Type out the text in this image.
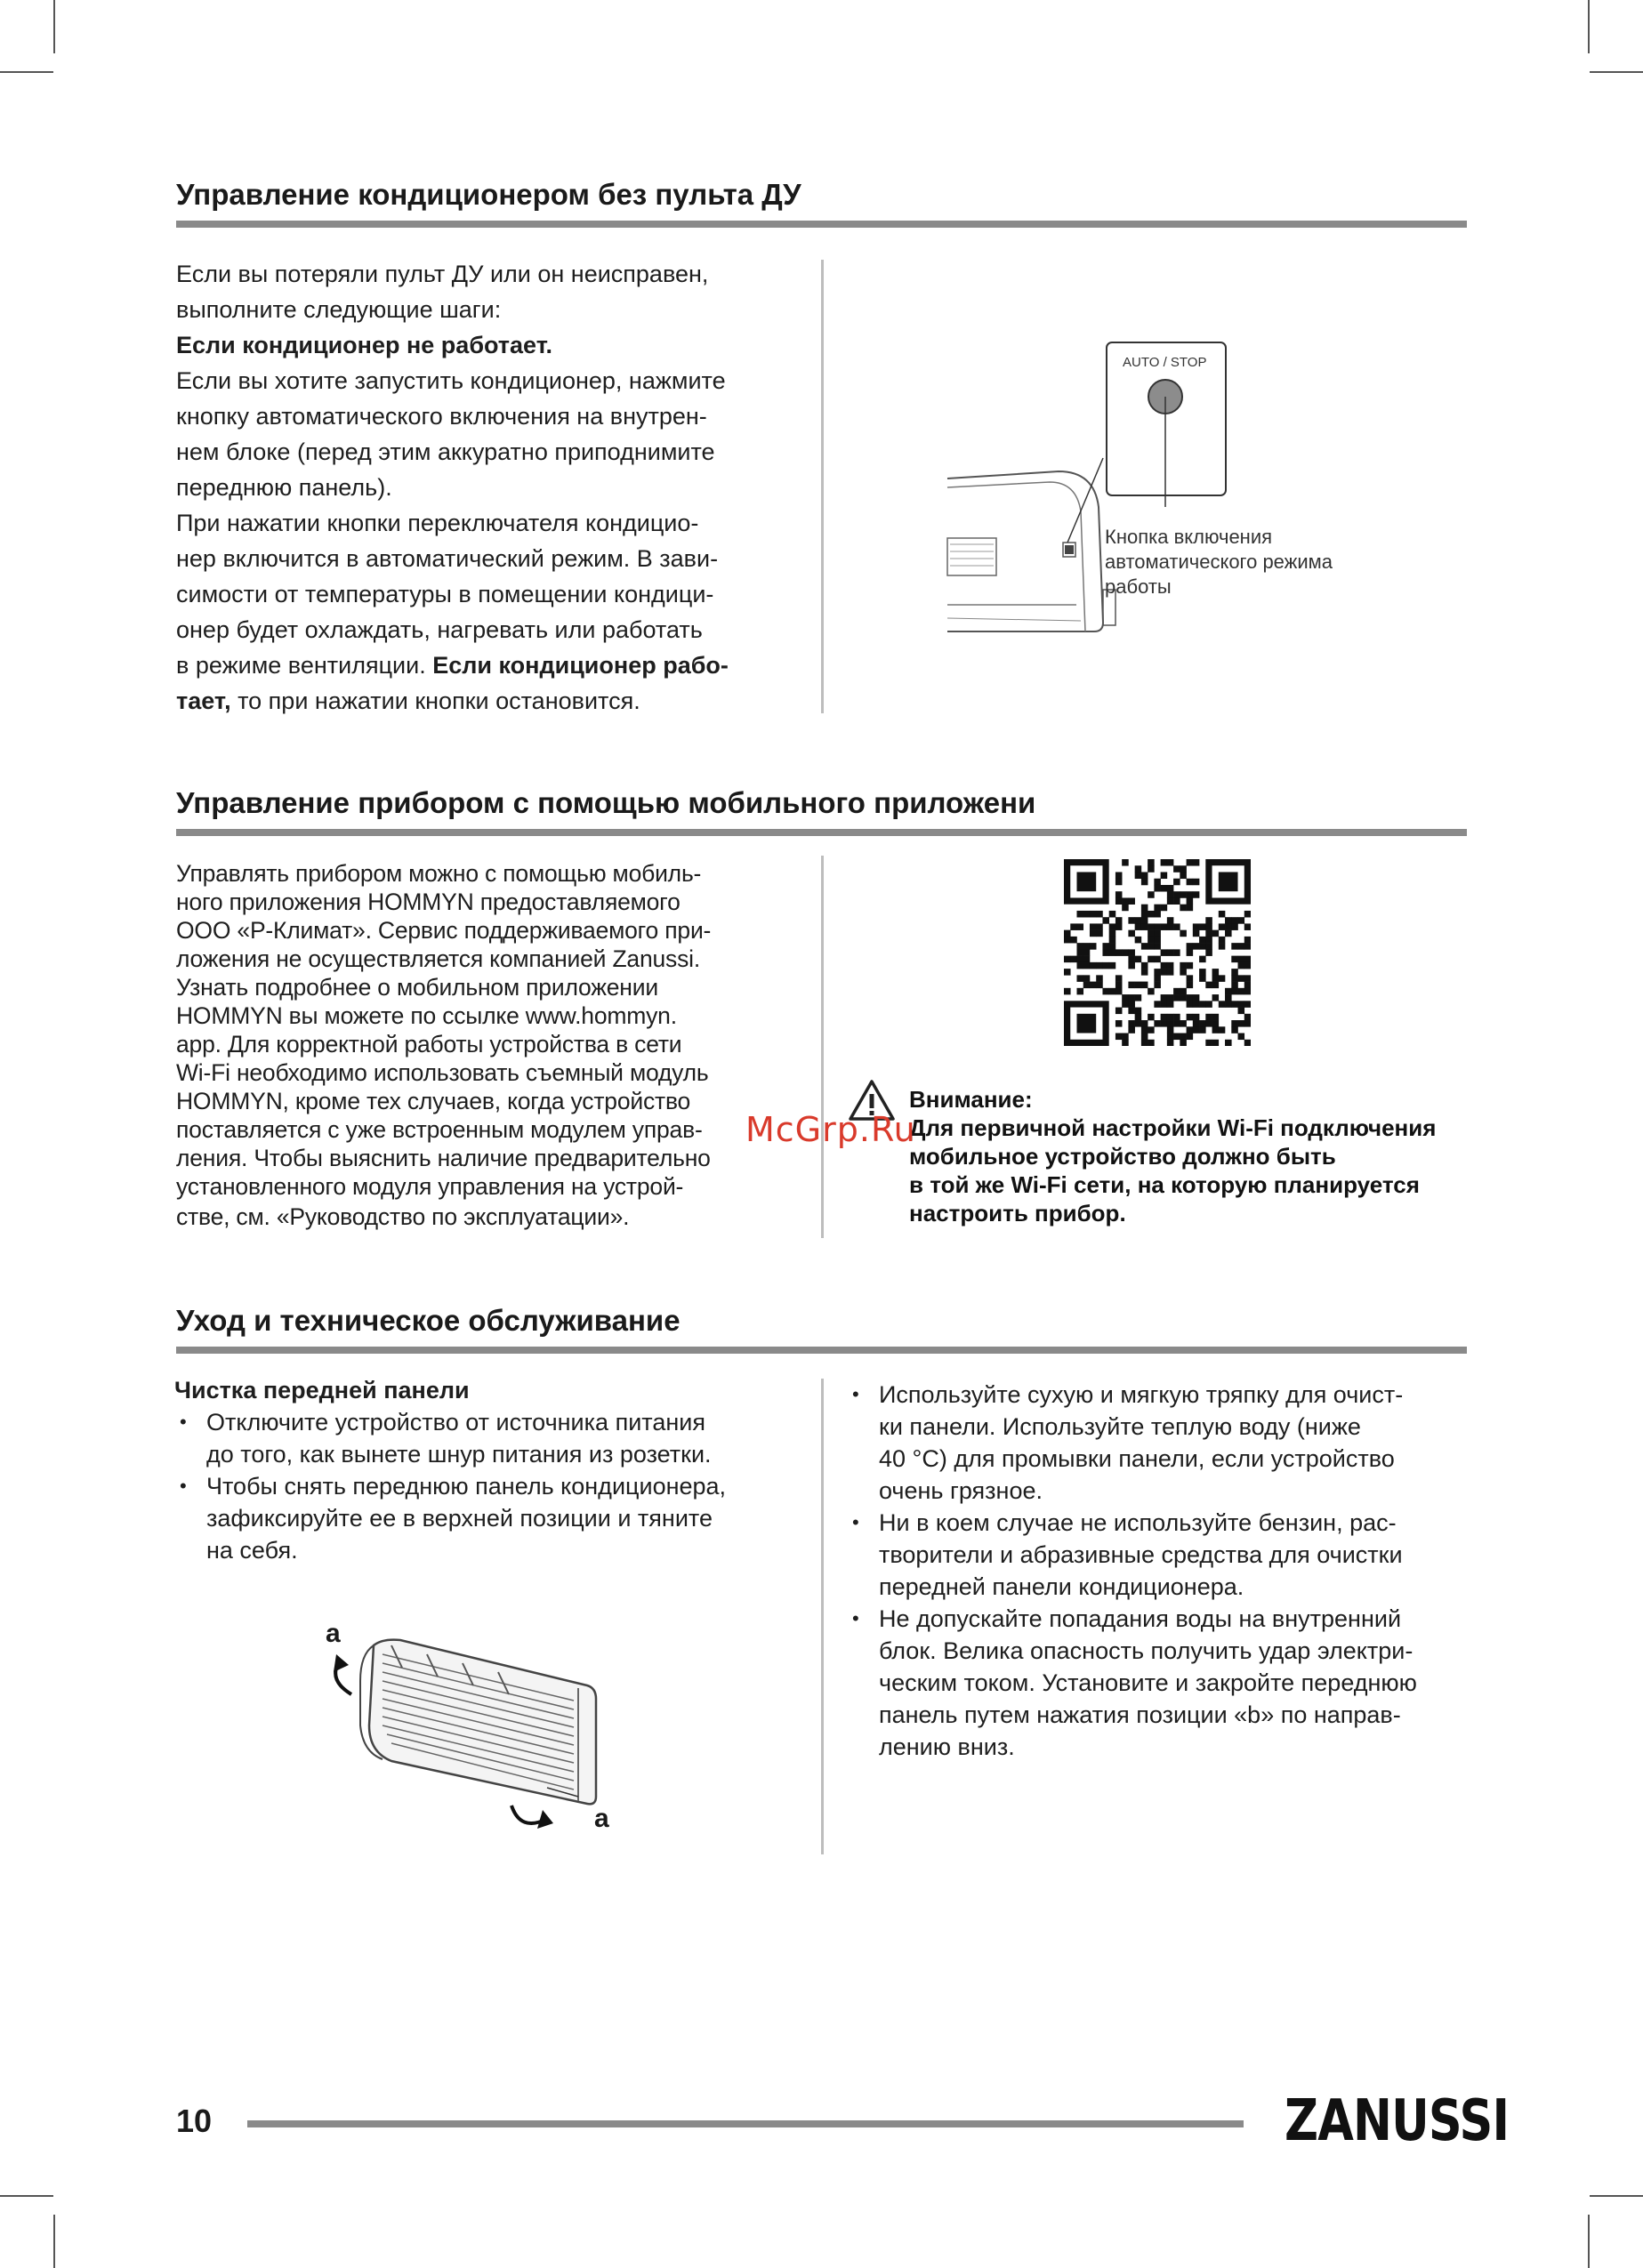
Управление кондиционером без пульта ДУ

Если вы потеряли пульт ДУ или он неисправен,

выполните следующие шаги:

Если кондиционер не работает.

Если вы хотите запустить кондиционер, нажмите

кнопку автоматического включения на внутрен-

нем блоке (перед этим аккуратно приподнимите

переднюю панель).

При нажатии кнопки переключателя кондицио-

нер включится в автоматический режим. В зави-

симости от температуры в помещении кондици-

онер будет охлаждать, нагревать или работать

в режиме вентиляции. Если кондиционер рабо-

тает, то при нажатии кнопки остановится.

AUTO / STOP
Кнопка включения
автоматического режима
работы
Управление прибором с помощью мобильного приложени

Управлять прибором можно с помощью мобиль-

ного приложения HOMMYN предоставляемого

ООО «Р-Климат». Сервис поддерживаемого при-

ложения не осуществляется компанией Zanussi.

Узнать подробнее о мобильном приложении

HOMMYN вы можете по ссылке www.hommyn.

app. Для корректной работы устройства в сети

Wi-Fi необходимо использовать съемный модуль

HOMMYN, кроме тех случаев, когда устройство

поставляется с уже встроенным модулем управ-

ления. Чтобы выяснить наличие предварительно

установленного модуля управления на устрой-

стве, см. «Руководство по эксплуатации».

Внимание:
Для первичной настройки Wi-Fi подключения
мобильное устройство должно быть
в той же Wi-Fi сети, на которую планируется
настроить прибор.
McGrp.Ru
Уход и техническое обслуживание

Чистка передней панели

• Отключите устройство от источника питания
до того, как вынете шнур питания из розетки.
• Чтобы снять переднюю панель кондиционера,
зафиксируйте ее в верхней позиции и тяните
на себя.
• Используйте сухую и мягкую тряпку для очист-
ки панели. Используйте теплую воду (ниже
40 °C) для промывки панели, если устройство
очень грязное.
• Ни в коем случае не используйте бензин, рас-
творители и абразивные средства для очистки
передней панели кондиционера.
• Не допускайте попадания воды на внутренний
блок. Велика опасность получить удар электри-
ческим током. Установите и закройте переднюю
панель путем нажатия позиции «b» по направ-
лению вниз.
a
a
10	ZANUSSI
